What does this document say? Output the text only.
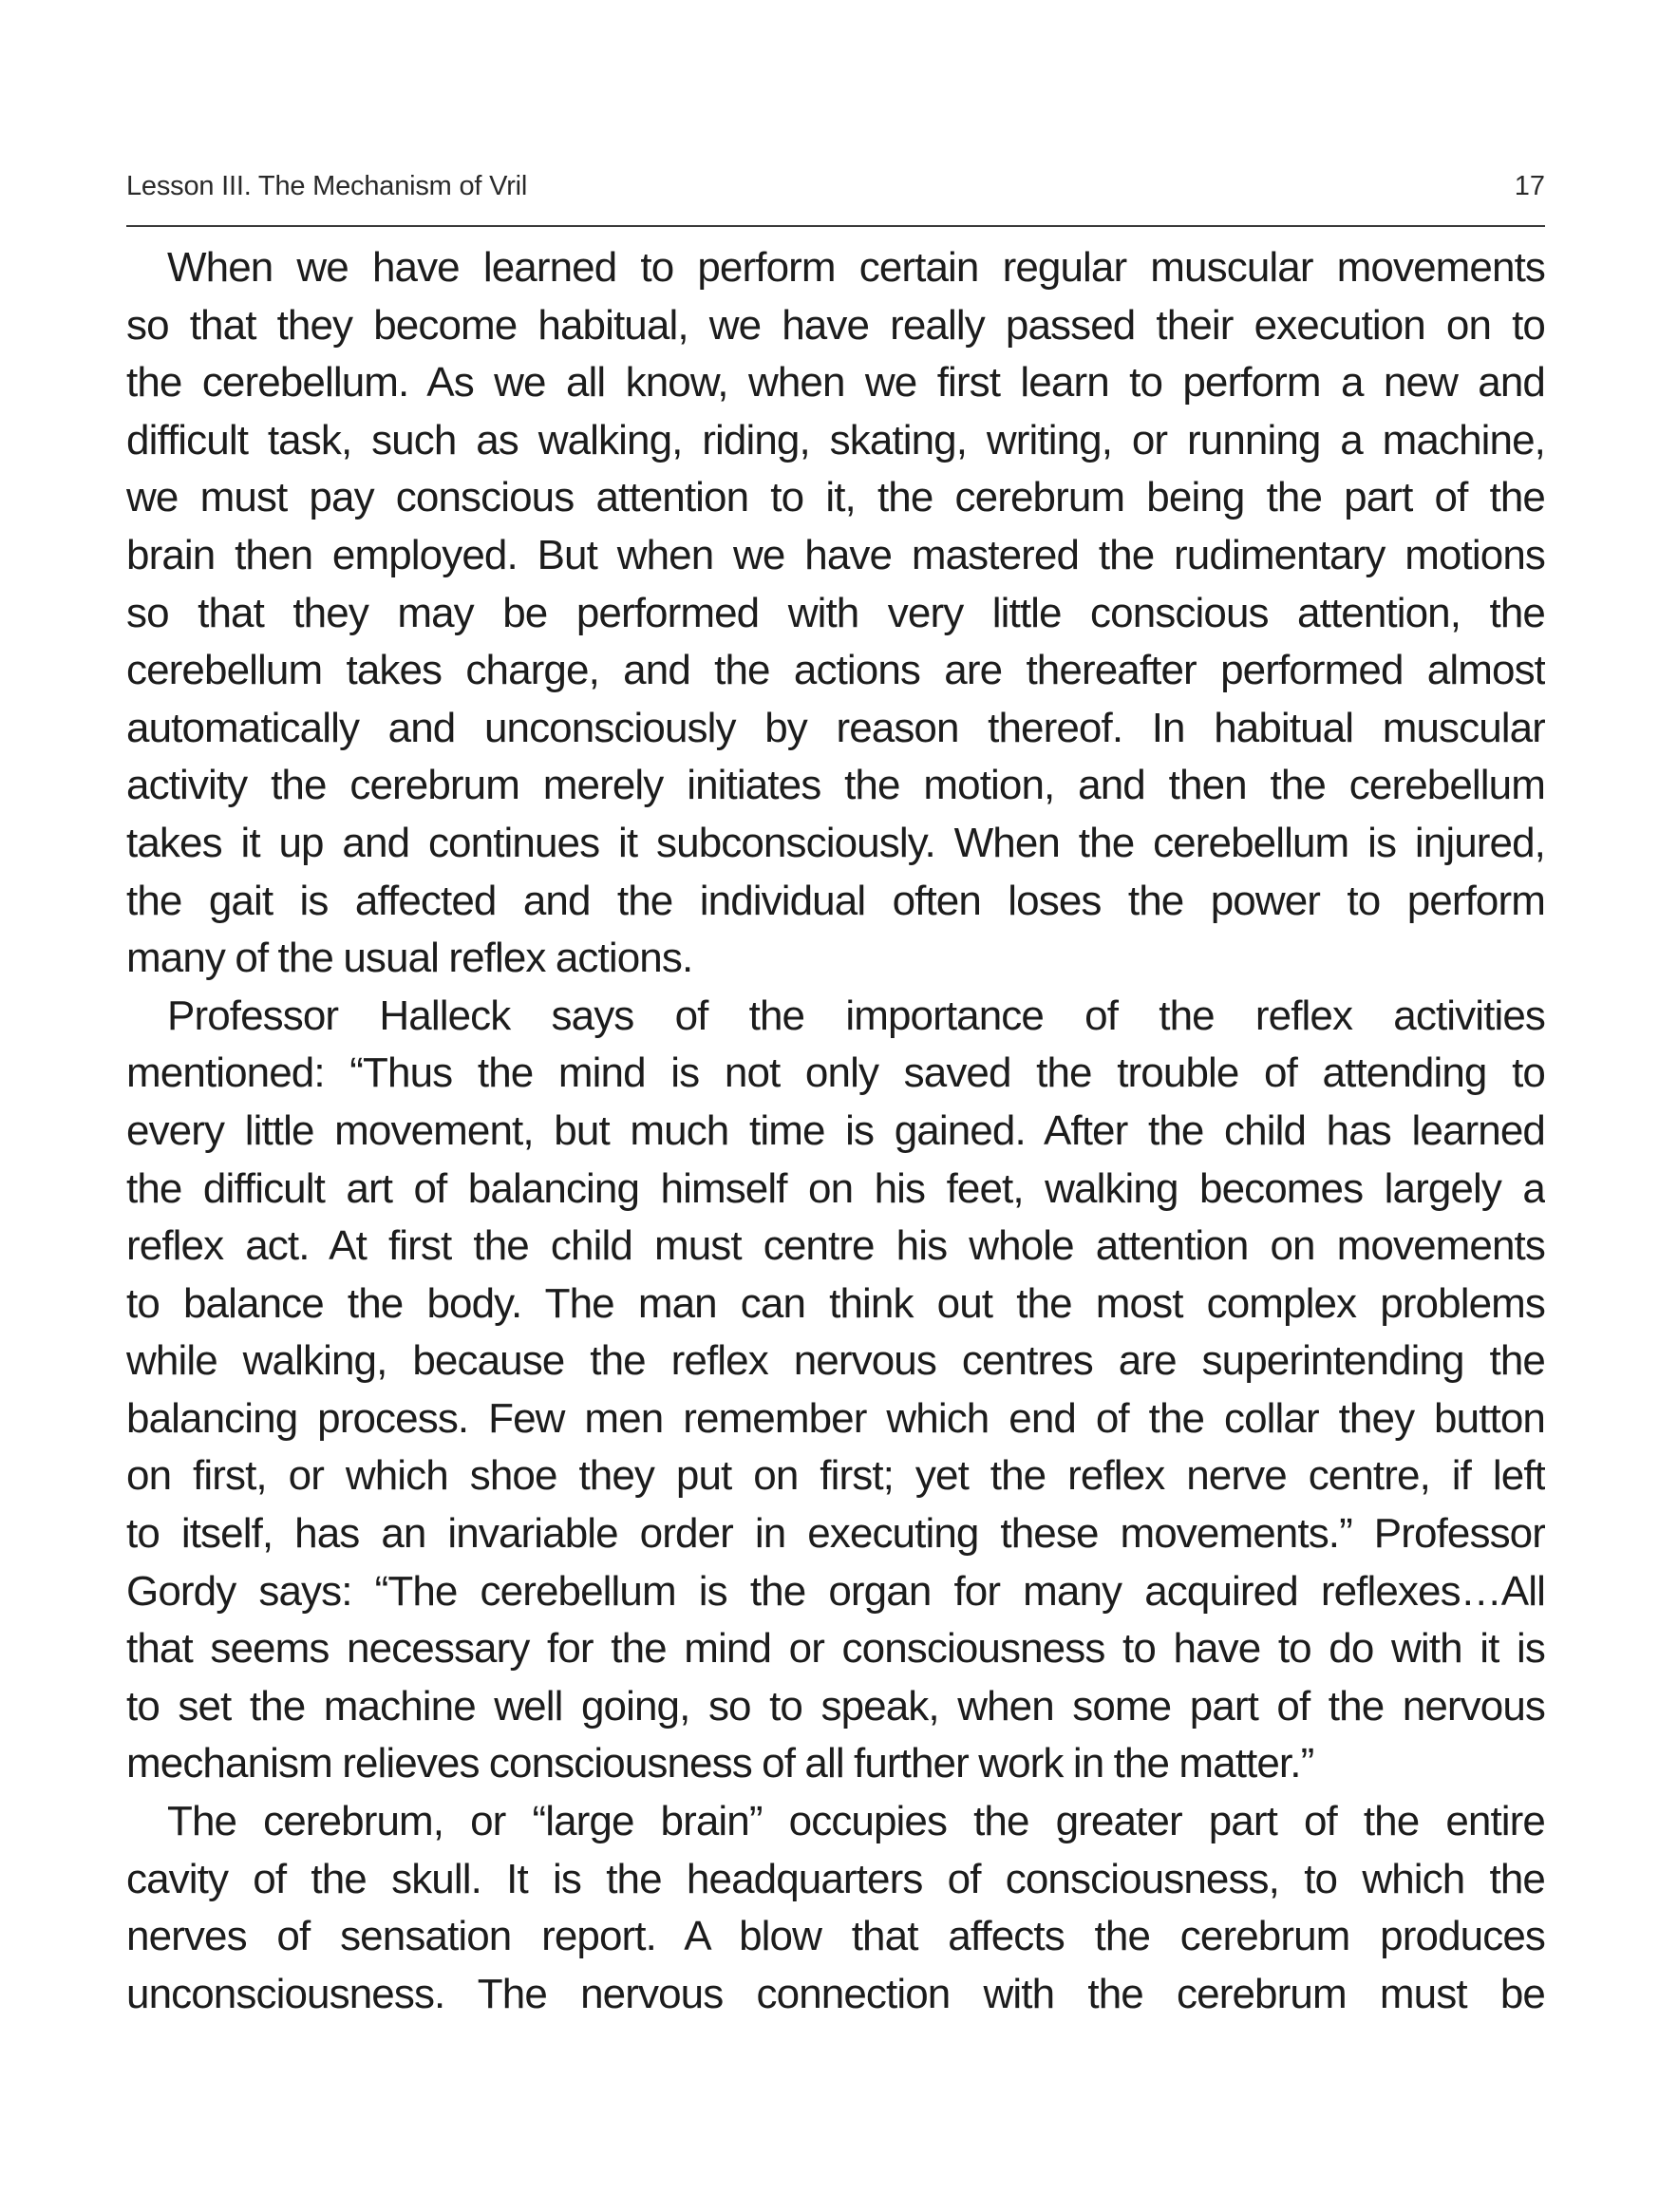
Lesson III. The Mechanism of Vril	17
When we have learned to perform certain regular muscular movements
so that they become habitual, we have really passed their execution on to
the cerebellum. As we all know, when we first learn to perform a new and
difficult task, such as walking, riding, skating, writing, or running a machine,
we must pay conscious attention to it, the cerebrum being the part of the
brain then employed. But when we have mastered the rudimentary motions
so that they may be performed with very little conscious attention, the
cerebellum takes charge, and the actions are thereafter performed almost
automatically and unconsciously by reason thereof. In habitual muscular
activity the cerebrum merely initiates the motion, and then the cerebellum
takes it up and continues it subconsciously. When the cerebellum is injured,
the gait is affected and the individual often loses the power to perform
many of the usual reflex actions.
Professor Halleck says of the importance of the reflex activities
mentioned: “Thus the mind is not only saved the trouble of attending to
every little movement, but much time is gained. After the child has learned
the difficult art of balancing himself on his feet, walking becomes largely a
reflex act. At first the child must centre his whole attention on movements
to balance the body. The man can think out the most complex problems
while walking, because the reflex nervous centres are superintending the
balancing process. Few men remember which end of the collar they button
on first, or which shoe they put on first; yet the reflex nerve centre, if left
to itself, has an invariable order in executing these movements.” Professor
Gordy says: “The cerebellum is the organ for many acquired reflexes…All
that seems necessary for the mind or consciousness to have to do with it is
to set the machine well going, so to speak, when some part of the nervous
mechanism relieves consciousness of all further work in the matter.”
The cerebrum, or “large brain” occupies the greater part of the entire
cavity of the skull. It is the headquarters of consciousness, to which the
nerves of sensation report. A blow that affects the cerebrum produces
unconsciousness. The nervous connection with the cerebrum must be
